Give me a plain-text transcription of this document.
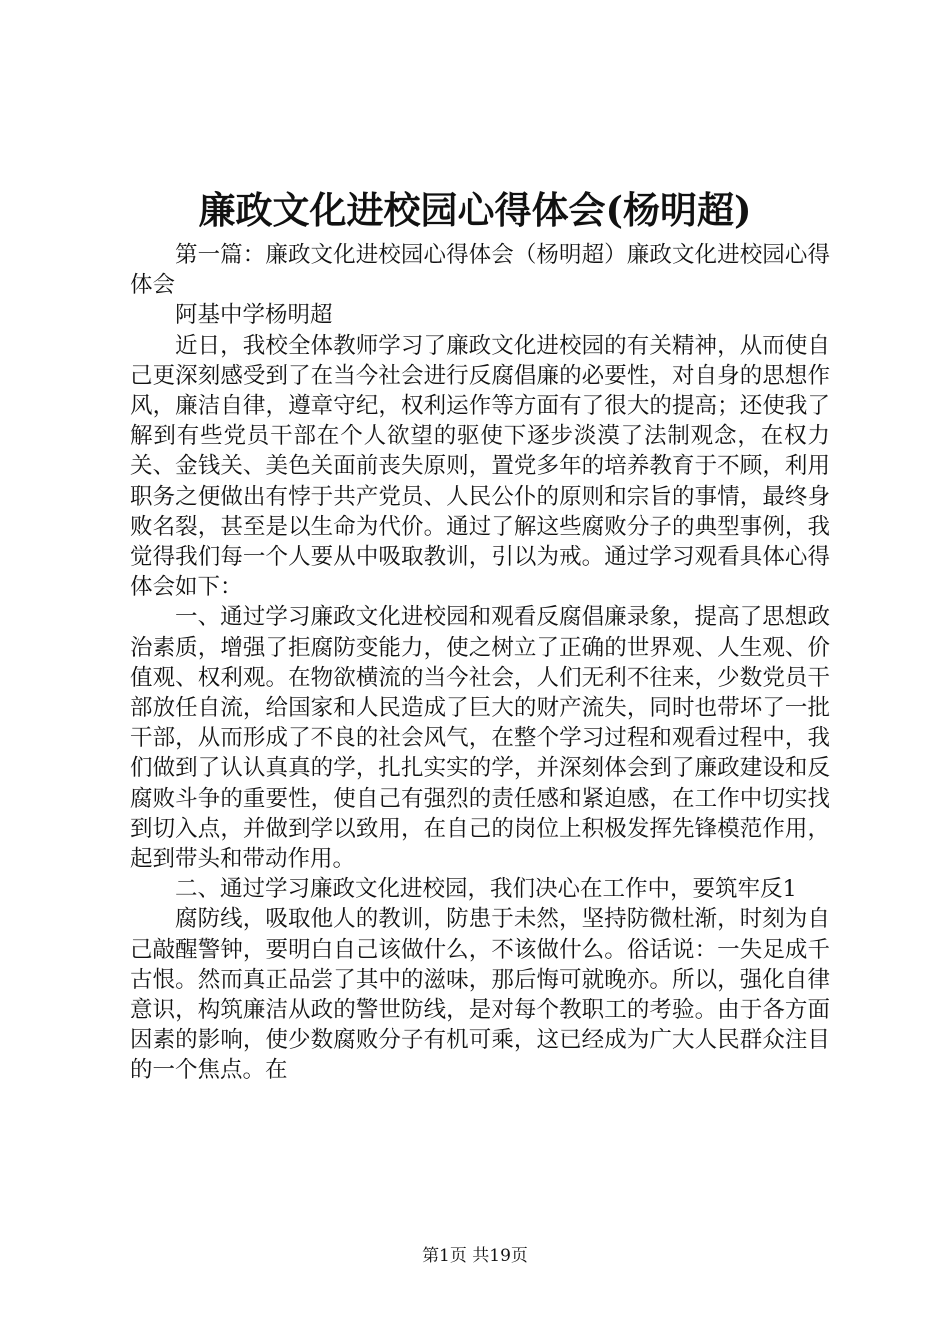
廉政文化进校园心得体会(杨明超)

第一篇：廉政文化进校园心得体会（杨明超）廉政文化进校园心得体会

阿基中学杨明超

近日，我校全体教师学习了廉政文化进校园的有关精神，从而使自己更深刻感受到了在当今社会进行反腐倡廉的必要性，对自身的思想作风，廉洁自律，遵章守纪，权利运作等方面有了很大的提高；还使我了解到有些党员干部在个人欲望的驱使下逐步淡漠了法制观念，在权力关、金钱关、美色关面前丧失原则，置党多年的培养教育于不顾，利用职务之便做出有悖于共产党员、人民公仆的原则和宗旨的事情，最终身败名裂，甚至是以生命为代价。通过了解这些腐败分子的典型事例，我觉得我们每一个人要从中吸取教训，引以为戒。通过学习观看具体心得体会如下：

一、通过学习廉政文化进校园和观看反腐倡廉录象，提高了思想政治素质，增强了拒腐防变能力，使之树立了正确的世界观、人生观、价值观、权利观。在物欲横流的当今社会，人们无利不往来，少数党员干部放任自流，给国家和人民造成了巨大的财产流失，同时也带坏了一批干部，从而形成了不良的社会风气，在整个学习过程和观看过程中，我们做到了认认真真的学，扎扎实实的学，并深刻体会到了廉政建设和反腐败斗争的重要性，使自己有强烈的责任感和紧迫感，在工作中切实找到切入点，并做到学以致用，在自己的岗位上积极发挥先锋模范作用，起到带头和带动作用。

二、通过学习廉政文化进校园，我们决心在工作中，要筑牢反1

腐防线，吸取他人的教训，防患于未然，坚持防微杜渐，时刻为自己敲醒警钟，要明白自己该做什么，不该做什么。俗话说：一失足成千古恨。然而真正品尝了其中的滋味，那后悔可就晚亦。所以，强化自律意识，构筑廉洁从政的警世防线，是对每个教职工的考验。由于各方面因素的影响，使少数腐败分子有机可乘，这已经成为广大人民群众注目的一个焦点。在

第1页 共19页
